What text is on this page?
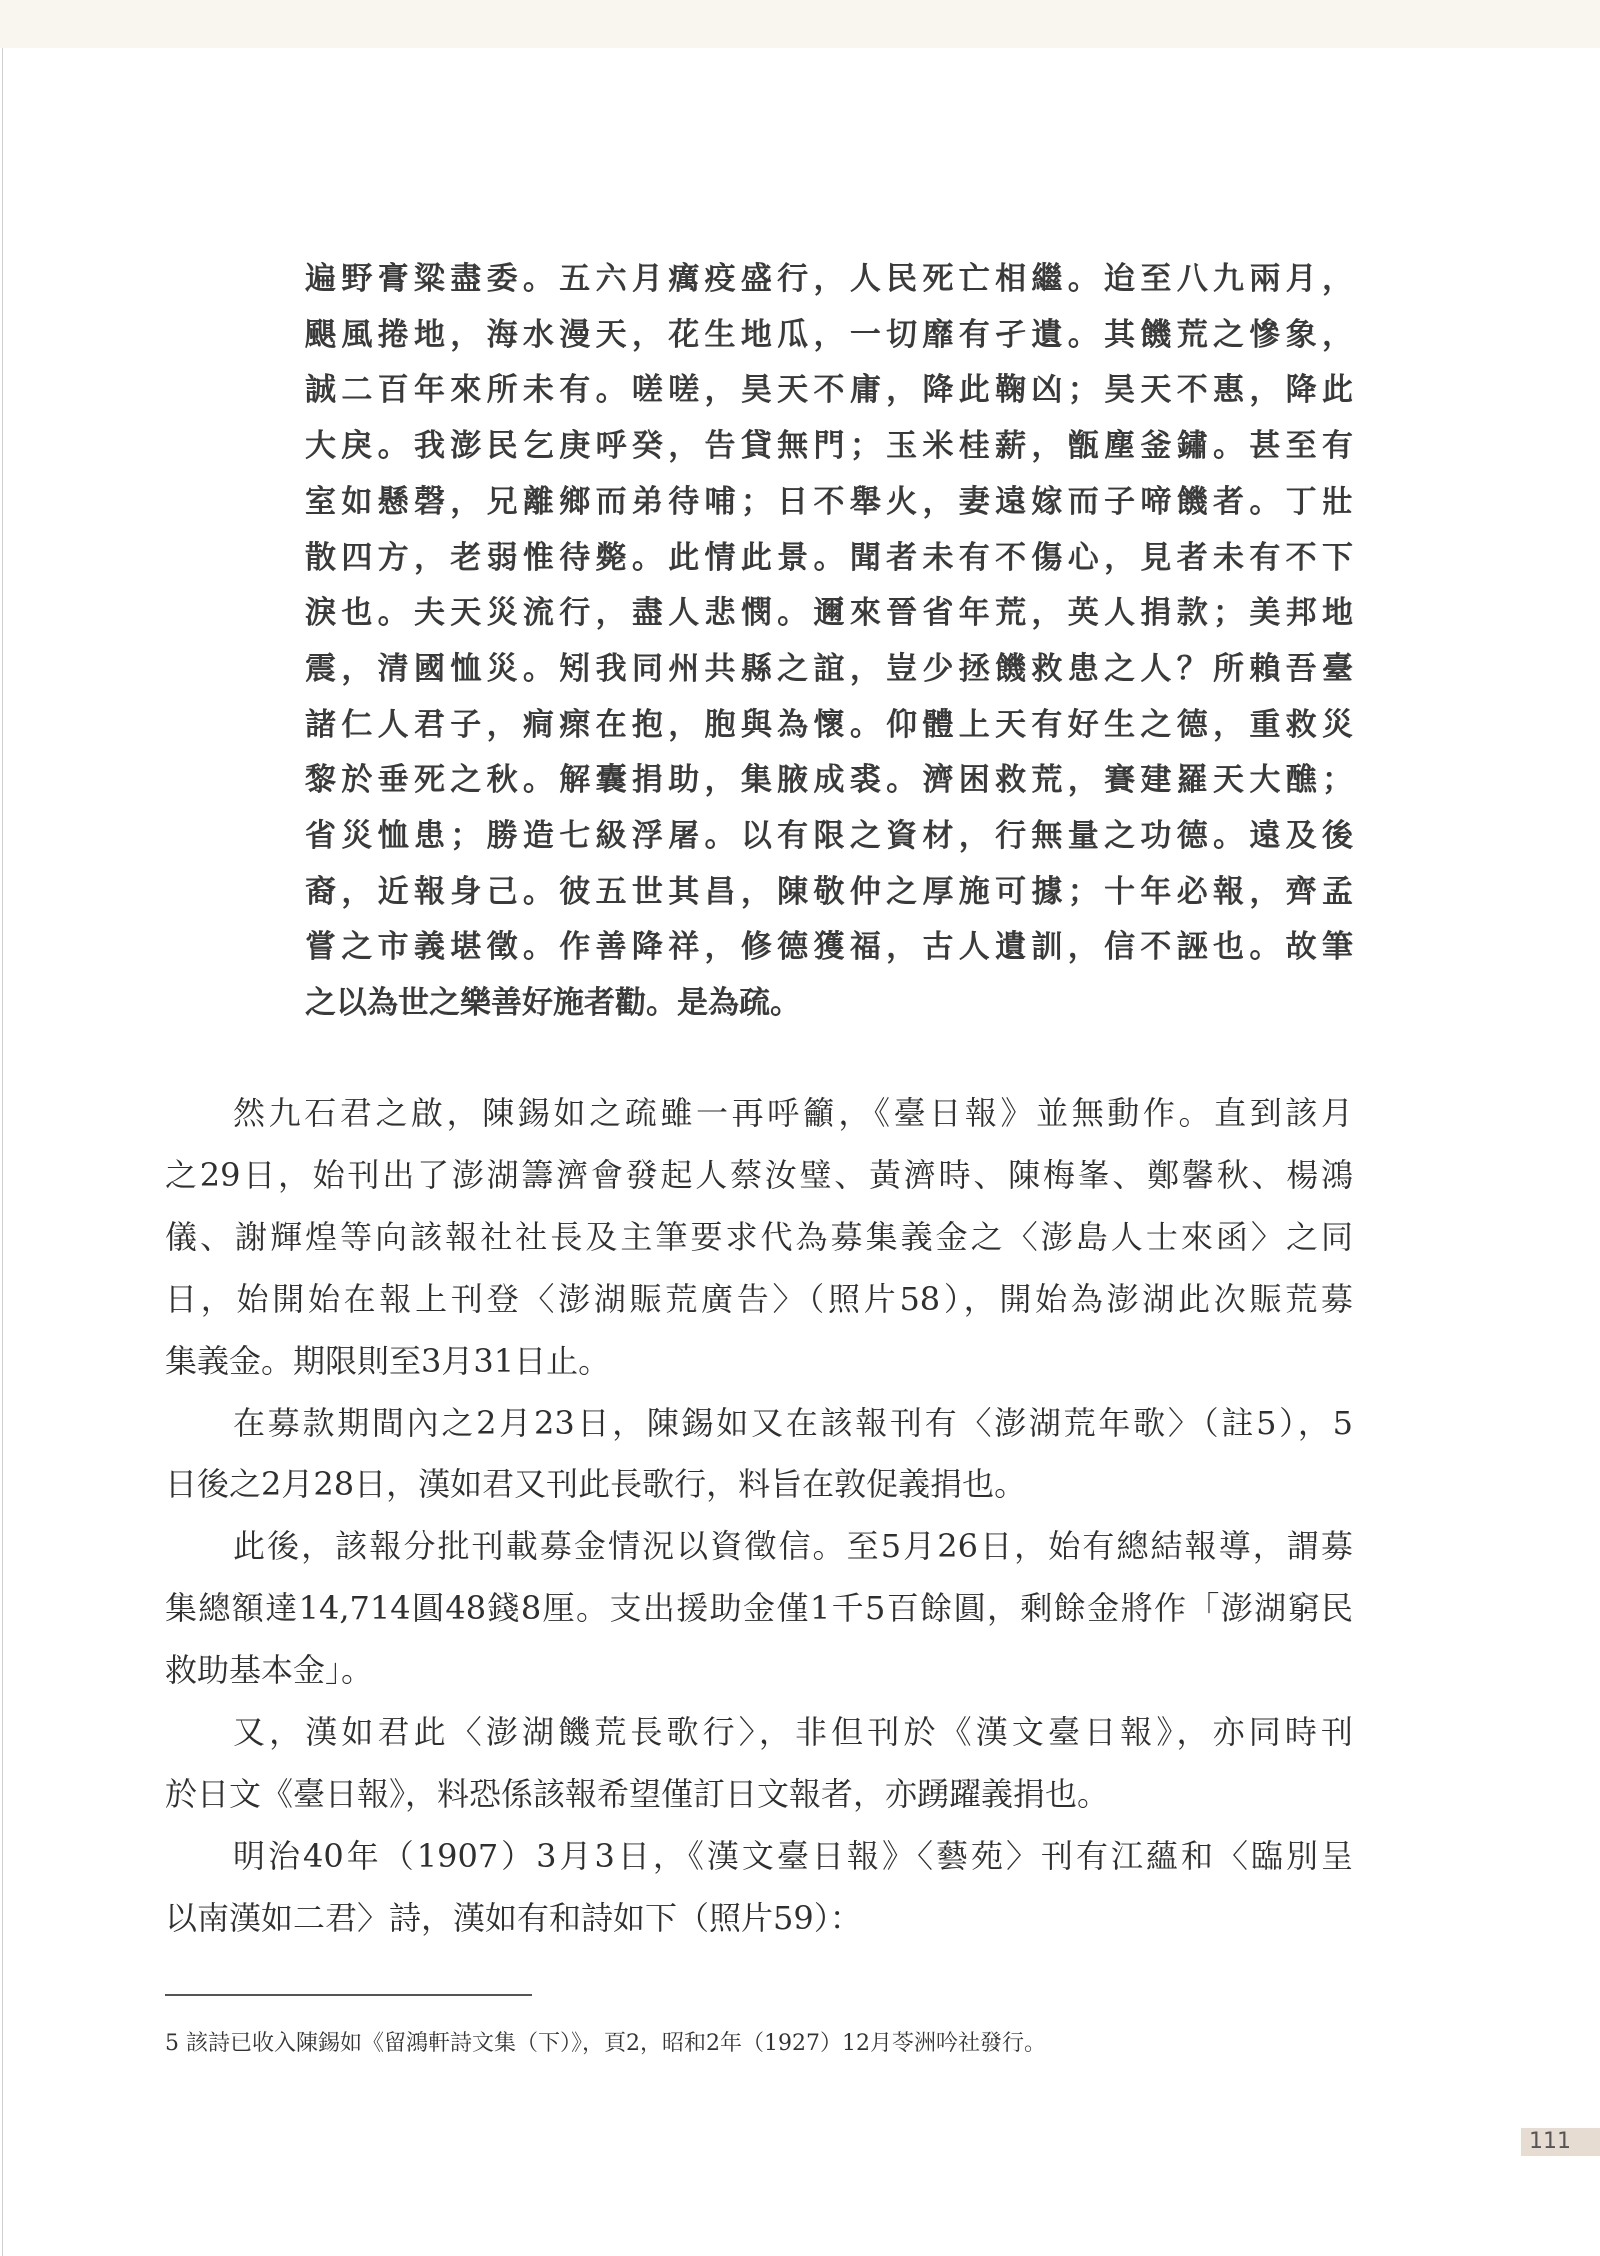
遍野膏粱盡委。五六月癘疫盛行，人民死亡相繼。迨至八九兩月，
颶風捲地，海水漫天，花生地瓜，一切靡有孑遺。其饑荒之慘象，
誠二百年來所未有。嗟嗟，昊天不庸，降此鞠凶；昊天不惠，降此
大戾。我澎民乞庚呼癸，告貸無門；玉米桂薪，甑塵釜鏽。甚至有
室如懸磬，兄離鄉而弟待哺；日不舉火，妻遠嫁而子啼饑者。丁壯
散四方，老弱惟待斃。此情此景。聞者未有不傷心，見者未有不下
淚也。夫天災流行，盡人悲憫。邇來晉省年荒，英人捐款；美邦地
震，清國恤災。矧我同州共縣之誼，豈少拯饑救患之人？所賴吾臺
諸仁人君子，痌瘝在抱，胞與為懷。仰體上天有好生之德，重救災
黎於垂死之秋。解囊捐助，集腋成裘。濟困救荒，賽建羅天大醮；
省災恤患；勝造七級浮屠。以有限之資材，行無量之功德。遠及後
裔，近報身己。彼五世其昌，陳敬仲之厚施可據；十年必報，齊孟
嘗之市義堪徵。作善降祥，修德獲福，古人遺訓，信不誣也。故筆
之以為世之樂善好施者勸。是為疏。
然九石君之啟，陳錫如之疏雖一再呼籲，《臺日報》並無動作。直到該月
之29日，始刊出了澎湖籌濟會發起人蔡汝璧、黃濟時、陳梅峯、鄭馨秋、楊鴻
儀、謝輝煌等向該報社社長及主筆要求代為募集義金之〈澎島人士來函〉之同
日，始開始在報上刊登〈澎湖賑荒廣告〉（照片58），開始為澎湖此次賑荒募
集義金。期限則至3月31日止。
在募款期間內之2月23日，陳錫如又在該報刊有〈澎湖荒年歌〉（註5），5
日後之2月28日，漢如君又刊此長歌行，料旨在敦促義捐也。
此後，該報分批刊載募金情況以資徵信。至5月26日，始有總結報導，謂募
集總額達14,714圓48錢8厘。支出援助金僅1千5百餘圓，剩餘金將作「澎湖窮民
救助基本金」。
又，漢如君此〈澎湖饑荒長歌行〉，非但刊於《漢文臺日報》，亦同時刊
於日文《臺日報》，料恐係該報希望僅訂日文報者，亦踴躍義捐也。
明治40年（1907）3月3日，《漢文臺日報》〈藝苑〉刊有江蘊和〈臨別呈
以南漢如二君〉詩，漢如有和詩如下（照片59）：
5 該詩已收入陳錫如《留鴻軒詩文集（下）》，頁2，昭和2年（1927）12月苓洲吟社發行。
111
